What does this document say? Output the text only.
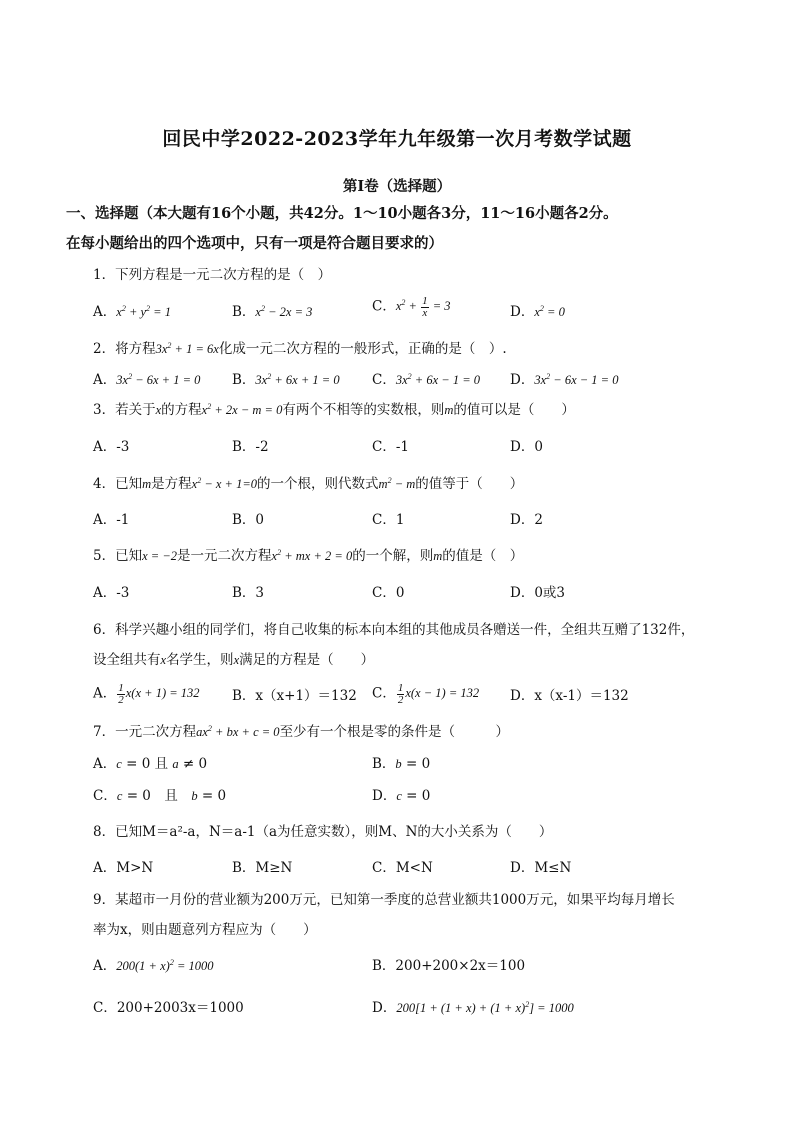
回民中学2022-2023学年九年级第一次月考数学试题
第Ⅰ卷（选择题）
一、选择题（本大题有16个小题，共42分。1～10小题各3分，11～16小题各2分。
在每小题给出的四个选项中，只有一项是符合题目要求的）
1．下列方程是一元二次方程的是（　）
A．$x^2 + y^2 = 1$	B．$x^2 - 2x = 3$	C．$x^2 + \frac{1}{x} = 3$	D．$x^2 = 0$
2．将方程$3x^2 + 1 = 6x$化成一元二次方程的一般形式，正确的是（　）.
A．$3x^2 - 6x + 1 = 0$ B．$3x^2 + 6x + 1 = 0$ C．$3x^2 + 6x - 1 = 0$ D．$3x^2 - 6x - 1 = 0$
3．若关于x的方程$x^2 + 2x - m = 0$有两个不相等的实数根，则m的值可以是（　　）
A．-3	B．-2	C．-1	D．0
4．已知m是方程$x^2 - x + 1=0$的一个根，则代数式$m^2 - m$的值等于（　　）
A．-1	B．0	C．1	D．2
5．已知x = −2是一元二次方程$x^2$ + mx + 2 = 0的一个解，则m的值是（　）
A．-3	B．3	C．0	D．0或3
6．科学兴趣小组的同学们，将自己收集的标本向本组的其他成员各赠送一件，全组共互赠了132件，
设全组共有x名学生，则x满足的方程是（　　）
A． $\frac{1}{2} x(x + 1) = 132$ B．x（x+1）＝132 C． $\frac{1}{2} x(x - 1) = 132$ D．x（x-1）＝132
7．一元二次方程$ax^2$ + bx + c = 0至少有一个根是零的条件是（　　　）
A．c = 0 且 a ≠ 0	B．b = 0
C．c = 0　且　b = 0	D．c = 0
8．已知M＝a²-a，N＝a-1（a为任意实数），则M、N的大小关系为（　　）
A．M>N	B．M≥N	C．M<N	D．M≤N
9．某超市一月份的营业额为200万元，已知第一季度的总营业额共1000万元，如果平均每月增长
率为x，则由题意列方程应为（　　）
A．$200(1 + x)^2 = 1000$	B．200+200×2x＝100
C．200+2003x＝1000	D．$200[1 + (1 + x) + (1 + x)^2] = 1000$
